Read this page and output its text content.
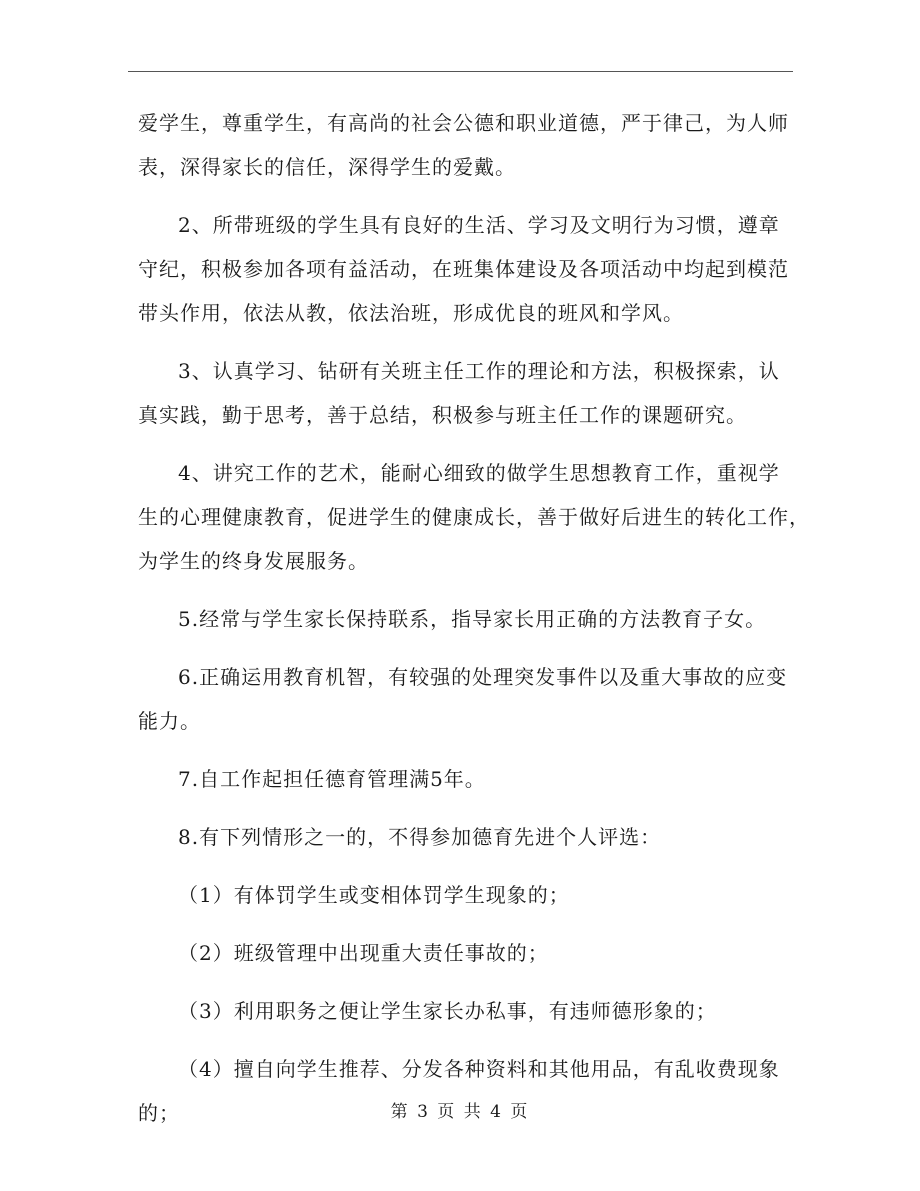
爱学生，尊重学生，有高尚的社会公德和职业道德，严于律己，为人师
表，深得家长的信任，深得学生的爱戴。

2、所带班级的学生具有良好的生活、学习及文明行为习惯，遵章
守纪，积极参加各项有益活动，在班集体建设及各项活动中均起到模范
带头作用，依法从教，依法治班，形成优良的班风和学风。

3、认真学习、钻研有关班主任工作的理论和方法，积极探索，认
真实践，勤于思考，善于总结，积极参与班主任工作的课题研究。

4、讲究工作的艺术，能耐心细致的做学生思想教育工作，重视学
生的心理健康教育，促进学生的健康成长，善于做好后进生的转化工作，
为学生的终身发展服务。

5.经常与学生家长保持联系，指导家长用正确的方法教育子女。

6.正确运用教育机智，有较强的处理突发事件以及重大事故的应变
能力。

7.自工作起担任德育管理满5年。

8.有下列情形之一的，不得参加德育先进个人评选：

（1）有体罚学生或变相体罚学生现象的；

（2）班级管理中出现重大责任事故的；

（3）利用职务之便让学生家长办私事，有违师德形象的；

（4）擅自向学生推荐、分发各种资料和其他用品，有乱收费现象
的；	第 3 页 共 4 页
